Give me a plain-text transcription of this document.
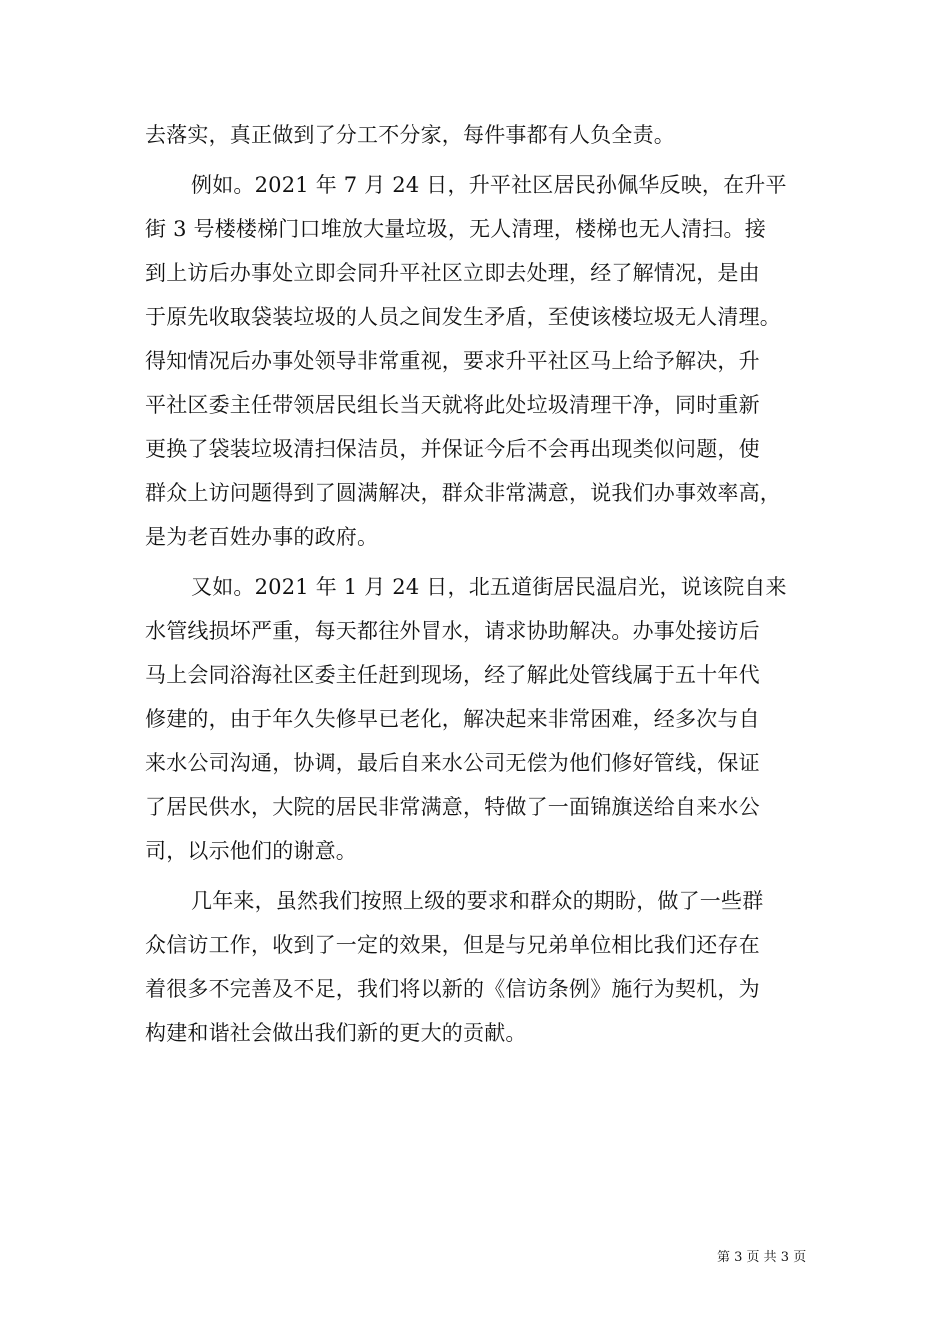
去落实，真正做到了分工不分家，每件事都有人负全责。
例如。2021 年 7 月 24 日，升平社区居民孙佩华反映，在升平
街 3 号楼楼梯门口堆放大量垃圾，无人清理，楼梯也无人清扫。接
到上访后办事处立即会同升平社区立即去处理，经了解情况，是由
于原先收取袋装垃圾的人员之间发生矛盾，至使该楼垃圾无人清理。
得知情况后办事处领导非常重视，要求升平社区马上给予解决，升
平社区委主任带领居民组长当天就将此处垃圾清理干净，同时重新
更换了袋装垃圾清扫保洁员，并保证今后不会再出现类似问题，使
群众上访问题得到了圆满解决，群众非常满意，说我们办事效率高，
是为老百姓办事的政府。
又如。2021 年 1 月 24 日，北五道街居民温启光，说该院自来
水管线损坏严重，每天都往外冒水，请求协助解决。办事处接访后
马上会同浴海社区委主任赶到现场，经了解此处管线属于五十年代
修建的，由于年久失修早已老化，解决起来非常困难，经多次与自
来水公司沟通，协调，最后自来水公司无偿为他们修好管线，保证
了居民供水，大院的居民非常满意，特做了一面锦旗送给自来水公
司，以示他们的谢意。
几年来，虽然我们按照上级的要求和群众的期盼，做了一些群
众信访工作，收到了一定的效果，但是与兄弟单位相比我们还存在
着很多不完善及不足，我们将以新的《信访条例》施行为契机，为
构建和谐社会做出我们新的更大的贡献。
第 3 页 共 3 页
